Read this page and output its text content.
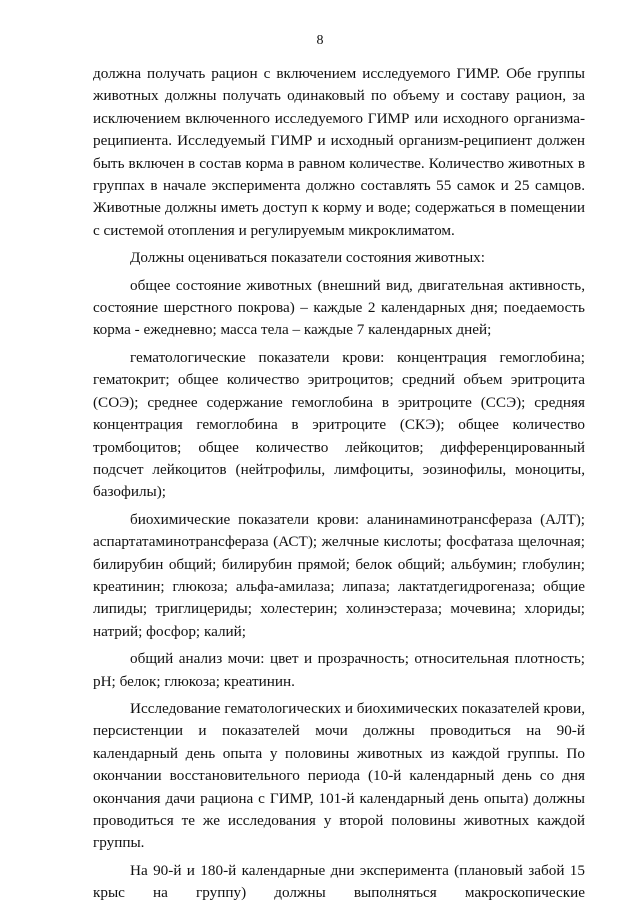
8

должна получать рацион с включением исследуемого ГИМР. Обе группы животных должны получать одинаковый по объему и составу рацион, за исключением включенного исследуемого ГИМР или исходного организма-реципиента. Исследуемый ГИМР и исходный организм-реципиент должен быть включен в состав корма в равном количестве. Количество животных в группах в начале эксперимента должно составлять 55 самок и 25 самцов. Животные должны иметь доступ к корму и воде; содержаться в помещении с системой отопления и регулируемым микроклиматом.

Должны оцениваться показатели состояния животных:

общее состояние животных (внешний вид, двигательная активность, состояние шерстного покрова) – каждые 2 календарных дня; поедаемость корма - ежедневно; масса тела – каждые 7 календарных дней;

гематологические показатели крови: концентрация гемоглобина; гематокрит; общее количество эритроцитов; средний объем эритроцита (СОЭ); среднее содержание гемоглобина в эритроците (ССЭ); средняя концентрация гемоглобина в эритроците (СКЭ); общее количество тромбоцитов; общее количество лейкоцитов; дифференцированный подсчет лейкоцитов (нейтрофилы, лимфоциты, эозинофилы, моноциты, базофилы);

биохимические показатели крови: аланинаминотрансфераза (АЛТ); аспартатаминотрансфераза (АСТ); желчные кислоты; фосфатаза щелочная; билирубин общий; билирубин прямой; белок общий; альбумин; глобулин; креатинин; глюкоза; альфа-амилаза; липаза; лактатдегидрогеназа; общие липиды; триглицериды; холестерин; холинэстераза; мочевина; хлориды; натрий; фосфор; калий;

общий анализ мочи: цвет и прозрачность; относительная плотность; pH; белок; глюкоза; креатинин.

Исследование гематологических и биохимических показателей крови, персистенции и показателей мочи должны проводиться на 90-й календарный день опыта у половины животных из каждой группы. По окончании восстановительного периода (10-й календарный день со дня окончания дачи рациона с ГИМР, 101-й календарный день опыта) должны проводиться те же исследования у второй половины животных каждой группы.

На 90-й и 180-й календарные дни эксперимента (плановый забой 15 крыс на группу) должны выполняться макроскопические
